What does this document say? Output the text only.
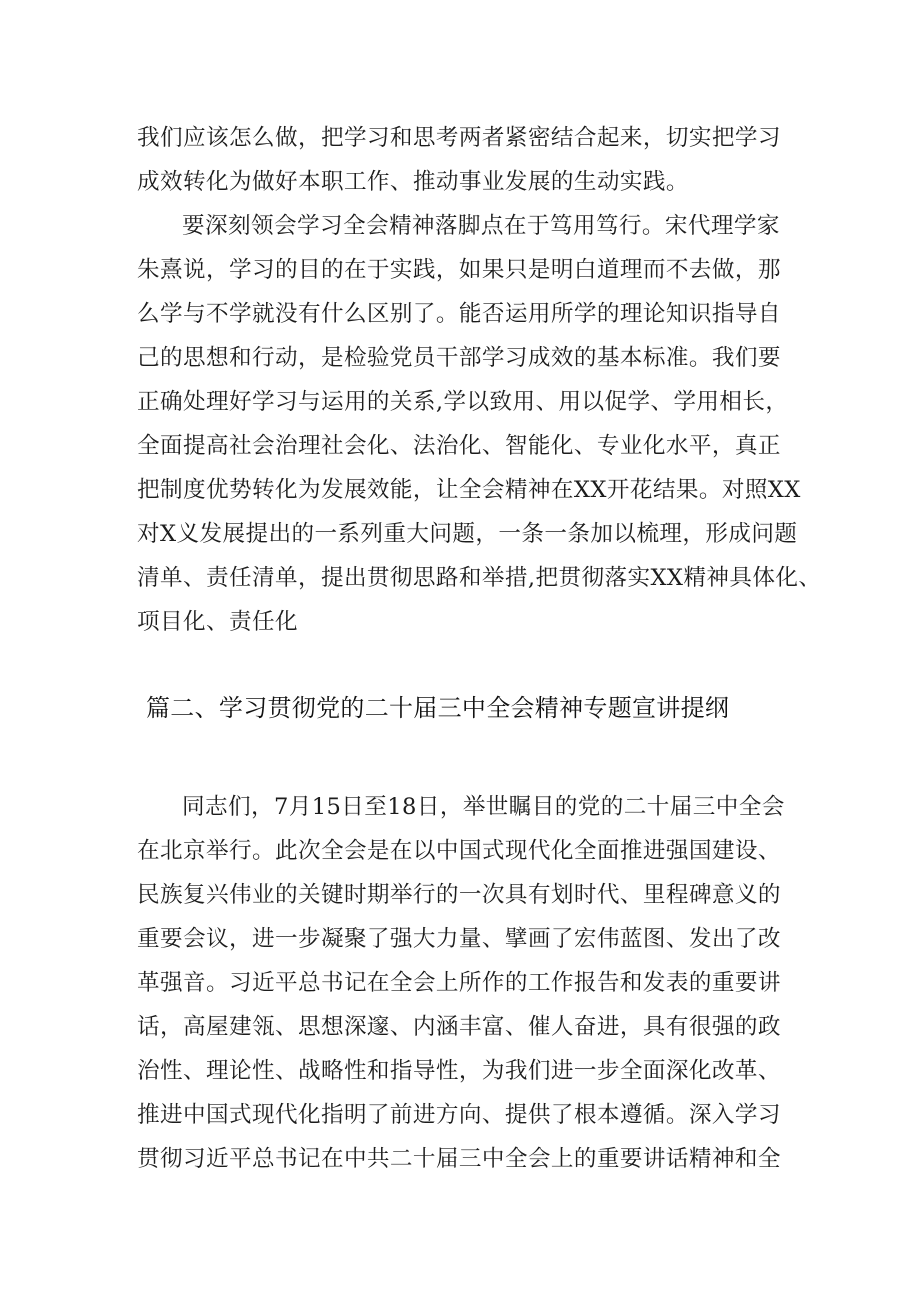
我们应该怎么做，把学习和思考两者紧密结合起来，切实把学习

成效转化为做好本职工作、推动事业发展的生动实践。

要深刻领会学习全会精神落脚点在于笃用笃行。宋代理学家

朱熹说，学习的目的在于实践，如果只是明白道理而不去做，那

么学与不学就没有什么区别了。能否运用所学的理论知识指导自

己的思想和行动，是检验党员干部学习成效的基本标准。我们要

正确处理好学习与运用的关系,学以致用、用以促学、学用相长，

全面提高社会治理社会化、法治化、智能化、专业化水平，真正

把制度优势转化为发展效能，让全会精神在XX开花结果。对照XX

对X义发展提出的一系列重大问题，一条一条加以梳理，形成问题

清单、责任清单，提出贯彻思路和举措,把贯彻落实XX精神具体化、

项目化、责任化

篇二、学习贯彻党的二十届三中全会精神专题宣讲提纲

同志们，7月15日至18日，举世瞩目的党的二十届三中全会

在北京举行。此次全会是在以中国式现代化全面推进强国建设、

民族复兴伟业的关键时期举行的一次具有划时代、里程碑意义的

重要会议，进一步凝聚了强大力量、擘画了宏伟蓝图、发出了改

革强音。习近平总书记在全会上所作的工作报告和发表的重要讲

话，高屋建瓴、思想深邃、内涵丰富、催人奋进，具有很强的政

治性、理论性、战略性和指导性，为我们进一步全面深化改革、

推进中国式现代化指明了前进方向、提供了根本遵循。深入学习

贯彻习近平总书记在中共二十届三中全会上的重要讲话精神和全
